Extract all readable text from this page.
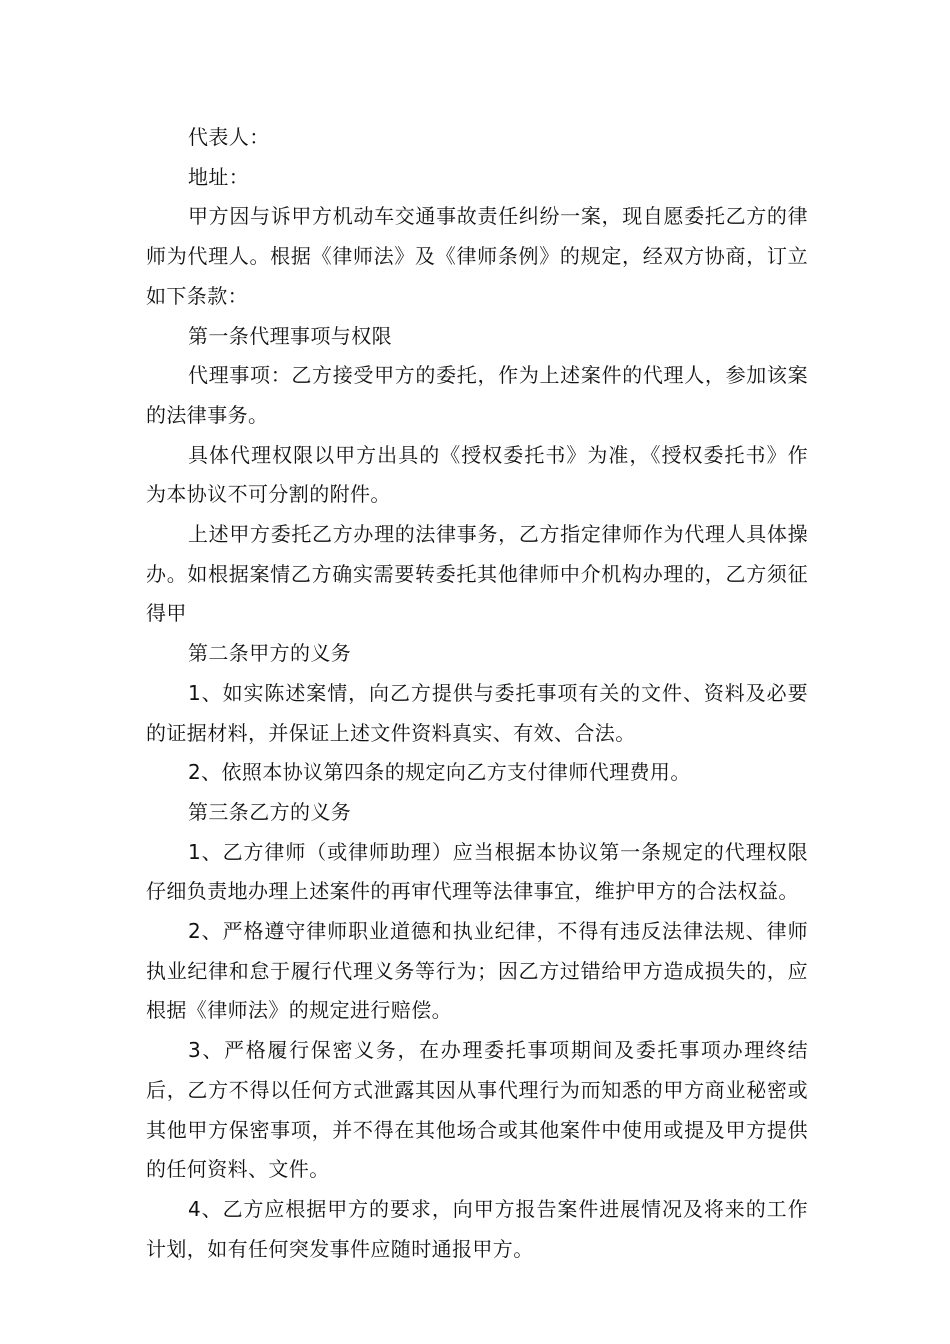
代表人：

地址：

甲方因与诉甲方机动车交通事故责任纠纷一案，现自愿委托乙方的律师为代理人。根据《律师法》及《律师条例》的规定，经双方协商，订立如下条款：

第一条代理事项与权限

代理事项：乙方接受甲方的委托，作为上述案件的代理人，参加该案的法律事务。

具体代理权限以甲方出具的《授权委托书》为准，《授权委托书》作为本协议不可分割的附件。

上述甲方委托乙方办理的法律事务，乙方指定律师作为代理人具体操办。如根据案情乙方确实需要转委托其他律师中介机构办理的，乙方须征得甲

第二条甲方的义务

1、如实陈述案情，向乙方提供与委托事项有关的文件、资料及必要的证据材料，并保证上述文件资料真实、有效、合法。

2、依照本协议第四条的规定向乙方支付律师代理费用。

第三条乙方的义务

1、乙方律师（或律师助理）应当根据本协议第一条规定的代理权限仔细负责地办理上述案件的再审代理等法律事宜，维护甲方的合法权益。

2、严格遵守律师职业道德和执业纪律，不得有违反法律法规、律师执业纪律和怠于履行代理义务等行为；因乙方过错给甲方造成损失的，应根据《律师法》的规定进行赔偿。

3、严格履行保密义务，在办理委托事项期间及委托事项办理终结后，乙方不得以任何方式泄露其因从事代理行为而知悉的甲方商业秘密或其他甲方保密事项，并不得在其他场合或其他案件中使用或提及甲方提供的任何资料、文件。

4、乙方应根据甲方的要求，向甲方报告案件进展情况及将来的工作计划，如有任何突发事件应随时通报甲方。
